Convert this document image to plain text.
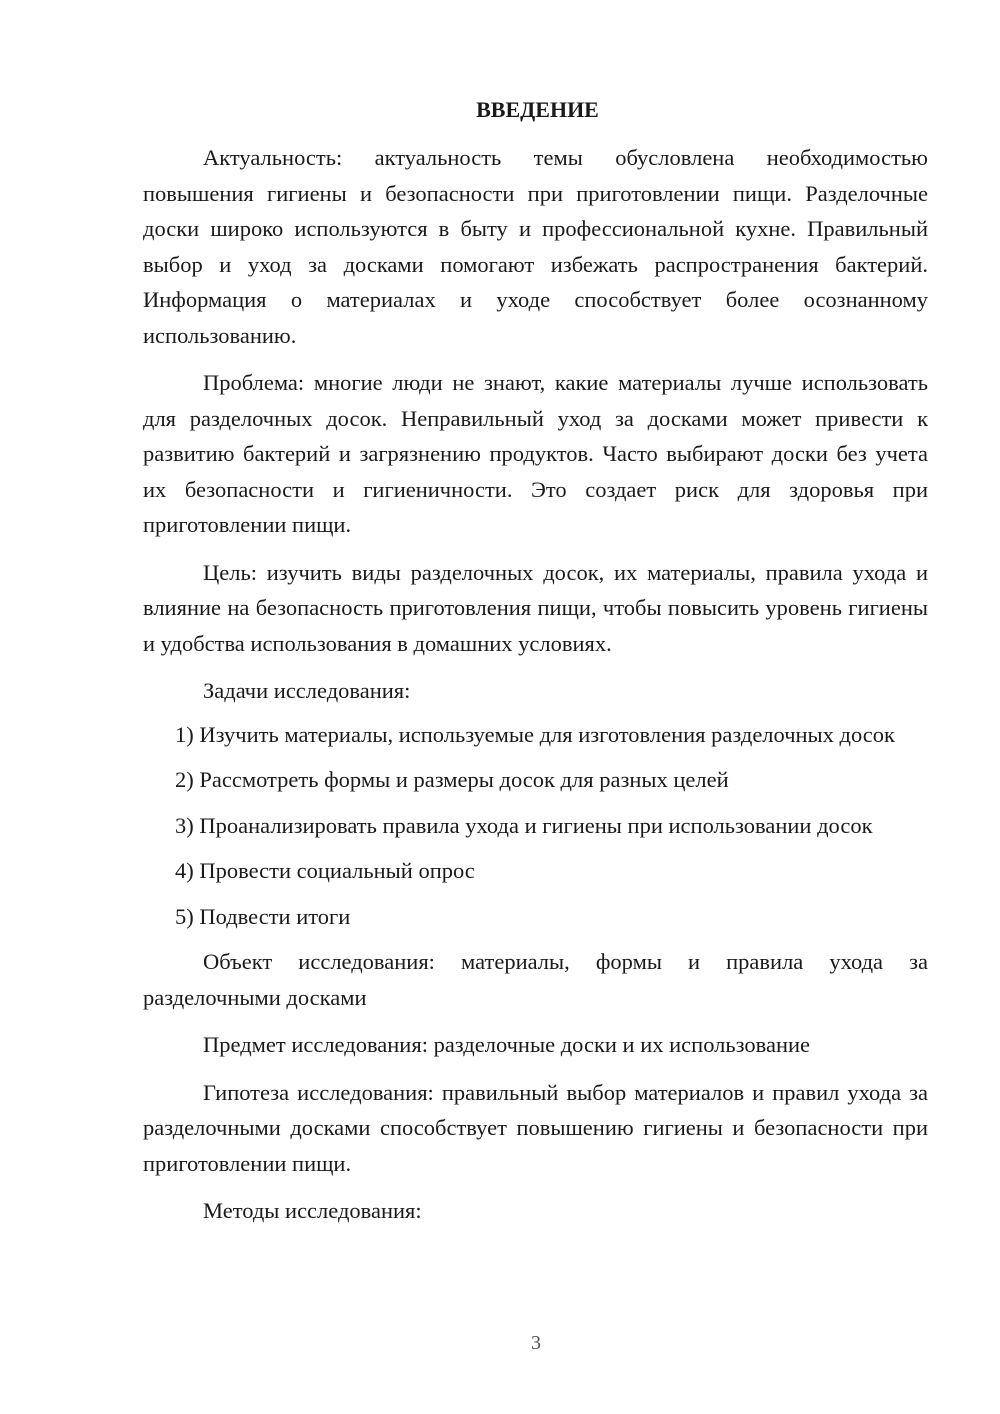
ВВЕДЕНИЕ

Актуальность: актуальность темы обусловлена необходимостью повышения гигиены и безопасности при приготовлении пищи. Разделочные доски широко используются в быту и профессиональной кухне. Правильный выбор и уход за досками помогают избежать распространения бактерий. Информация о материалах и уходе способствует более осознанному использованию.

Проблема: многие люди не знают, какие материалы лучше использовать для разделочных досок. Неправильный уход за досками может привести к развитию бактерий и загрязнению продуктов. Часто выбирают доски без учета их безопасности и гигиеничности. Это создает риск для здоровья при приготовлении пищи.

Цель: изучить виды разделочных досок, их материалы, правила ухода и влияние на безопасность приготовления пищи, чтобы повысить уровень гигиены и удобства использования в домашних условиях.

Задачи исследования:

1) Изучить материалы, используемые для изготовления разделочных досок

2) Рассмотреть формы и размеры досок для разных целей

3) Проанализировать правила ухода и гигиены при использовании досок

4) Провести социальный опрос

5) Подвести итоги

Объект исследования: материалы, формы и правила ухода за разделочными досками

Предмет исследования: разделочные доски и их использование

Гипотеза исследования: правильный выбор материалов и правил ухода за разделочными досками способствует повышению гигиены и безопасности при приготовлении пищи.

Методы исследования:

3
